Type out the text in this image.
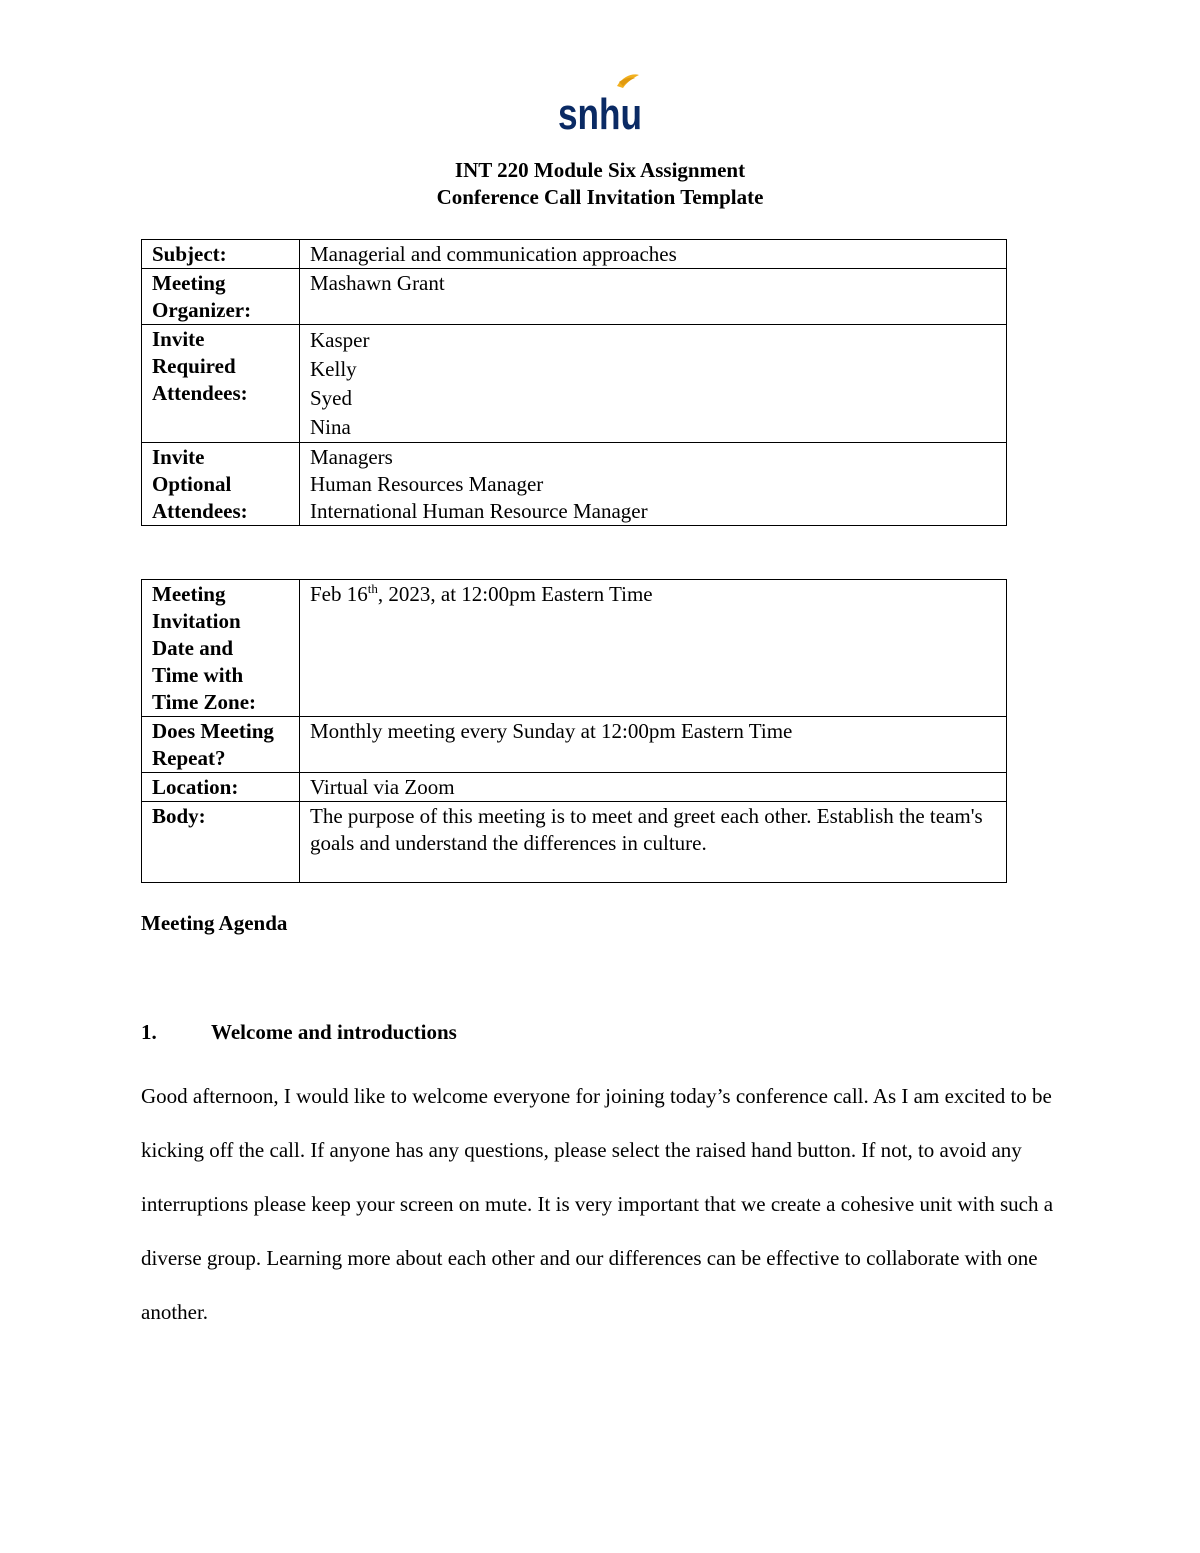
snhu
INT 220 Module Six Assignment
Conference Call Invitation Template
Subject:	Managerial and communication approaches

Meeting
Organizer:	Mashawn Grant

Invite
Required
Attendees:	Kasper
Kelly
Syed
Nina

Invite
Optional
Attendees:	Managers
Human Resources Manager
International Human Resource Manager
Meeting
Invitation
Date and
Time with
Time Zone:	Feb 16th, 2023, at 12:00pm Eastern Time

Does Meeting
Repeat?	Monthly meeting every Sunday at 12:00pm Eastern Time
Location:	Virtual via Zoom
Body:	The purpose of this meeting is to meet and greet each other. Establish the team's goals and understand the differences in culture.
Meeting Agenda
1.	Welcome and introductions
Good afternoon, I would like to welcome everyone for joining today’s conference call. As I am excited to be kicking off the call. If anyone has any questions, please select the raised hand button. If not, to avoid any interruptions please keep your screen on mute. It is very important that we create a cohesive unit with such a diverse group. Learning more about each other and our differences can be effective to collaborate with one another.
